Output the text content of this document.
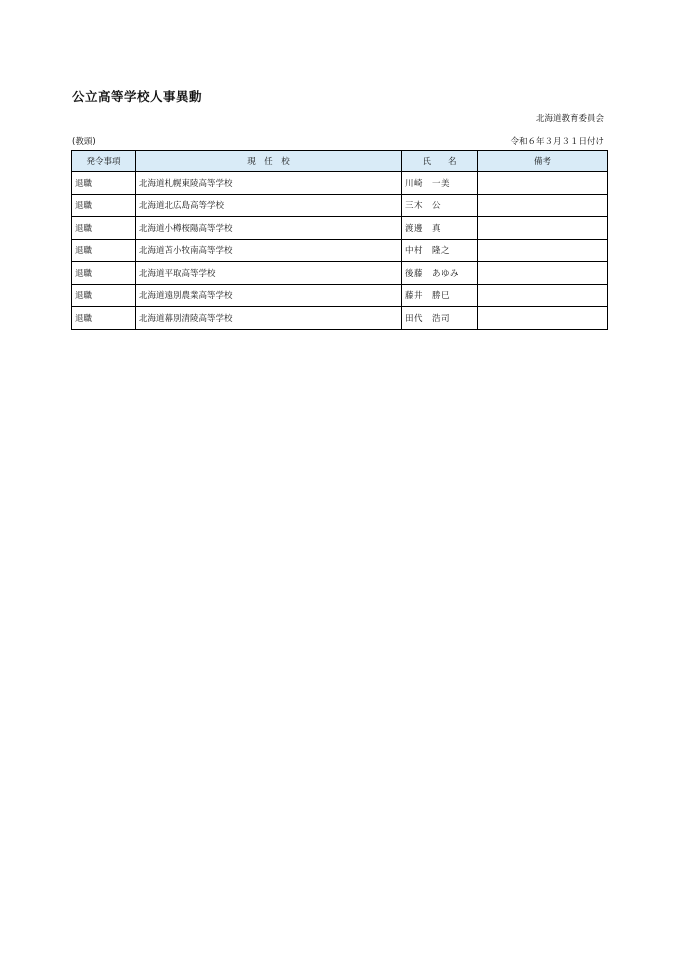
公立高等学校人事異動
北海道教育委員会
(教頭)	令和６年３月３１日付け
発令事項	現　任　校	氏　　名	備考
退職	北海道札幌東陵高等学校	川崎　一美	
退職	北海道北広島高等学校	三木　公	
退職	北海道小樽桜陽高等学校	渡邊　真	
退職	北海道苫小牧南高等学校	中村　隆之	
退職	北海道平取高等学校	後藤　あゆみ	
退職	北海道遠別農業高等学校	藤井　勝巳	
退職	北海道幕別清陵高等学校	田代　浩司	
